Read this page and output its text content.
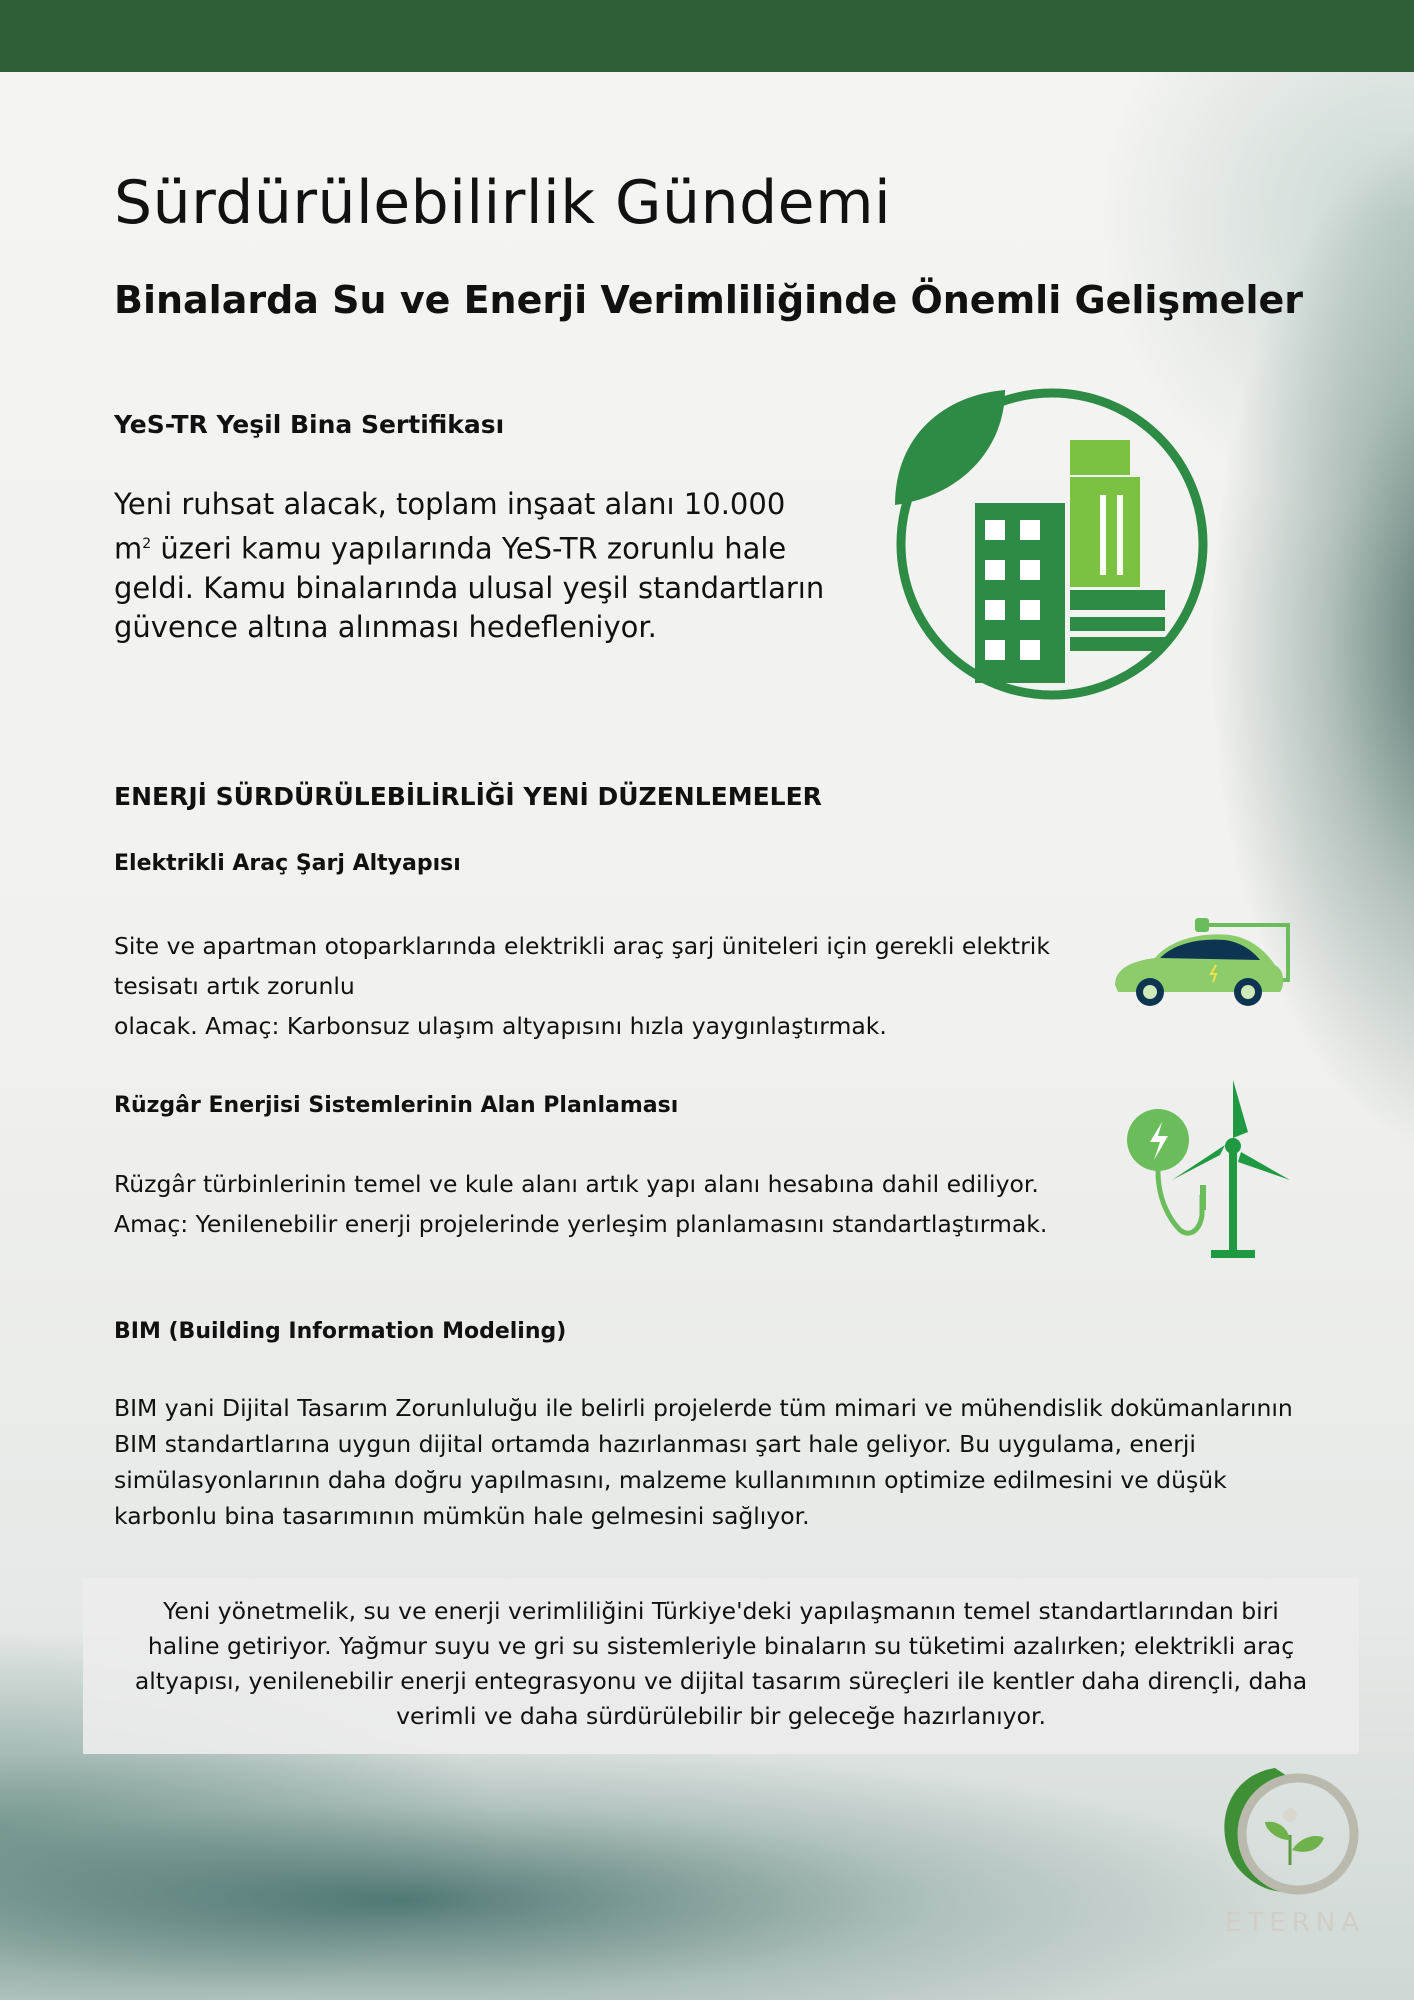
Sürdürülebilirlik Gündemi
Binalarda Su ve Enerji Verimliliğinde Önemli Gelişmeler
YeS-TR Yeşil Bina Sertifikası

Yeni ruhsat alacak, toplam inşaat alanı 10.000
$m^2$ üzeri kamu yapılarında YeS-TR zorunlu hale geldi. Kamu binalarında ulusal yeşil standartların güvence altına alınması hedefleniyor.

ENERJİ SÜRDÜRÜLEBİLİRLİĞİ YENİ DÜZENLEMELER
Elektrikli Araç Şarj Altyapısı
Site ve apartman otoparklarında elektrikli araç şarj üniteleri için gerekli elektrik
tesisatı artık zorunlu
olacak. Amaç: Karbonsuz ulaşım altyapısını hızla yaygınlaştırmak.
Rüzgâr Enerjisi Sistemlerinin Alan Planlaması
Rüzgâr türbinlerinin temel ve kule alanı artık yapı alanı hesabına dahil ediliyor.
Amaç: Yenilenebilir enerji projelerinde yerleşim planlamasını standartlaştırmak.
BIM (Building Information Modeling)
BIM yani Dijital Tasarım Zorunluluğu ile belirli projelerde tüm mimari ve mühendislik dokümanlarının
BIM standartlarına uygun dijital ortamda hazırlanması şart hale geliyor. Bu uygulama, enerji
simülasyonlarının daha doğru yapılmasını, malzeme kullanımının optimize edilmesini ve düşük
karbonlu bina tasarımının mümkün hale gelmesini sağlıyor.
Yeni yönetmelik, su ve enerji verimliliğini Türkiye'deki yapılaşmanın temel standartlarından biri
haline getiriyor. Yağmur suyu ve gri su sistemleriyle binaların su tüketimi azalırken; elektrikli araç
altyapısı, yenilenebilir enerji entegrasyonu ve dijital tasarım süreçleri ile kentler daha dirençli, daha
verimli ve daha sürdürülebilir bir geleceğe hazırlanıyor.
ETERNA
